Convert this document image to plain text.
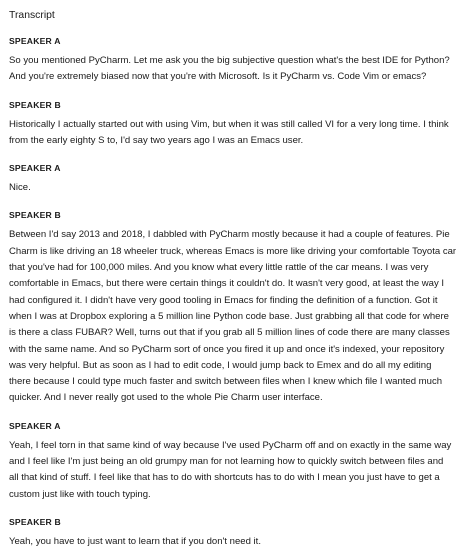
Transcript
SPEAKER A
So you mentioned PyCharm. Let me ask you the big subjective question what's the best IDE for Python?
And you're extremely biased now that you're with Microsoft. Is it PyCharm vs. Code Vim or emacs?
SPEAKER B
Historically I actually started out with using Vim, but when it was still called VI for a very long time. I think
from the early eighty S to, I'd say two years ago I was an Emacs user.
SPEAKER A
Nice.
SPEAKER B
Between I'd say 2013 and 2018, I dabbled with PyCharm mostly because it had a couple of features. Pie
Charm is like driving an 18 wheeler truck, whereas Emacs is more like driving your comfortable Toyota car
that you've had for 100,000 miles. And you know what every little rattle of the car means. I was very
comfortable in Emacs, but there were certain things it couldn't do. It wasn't very good, at least the way I
had configured it. I didn't have very good tooling in Emacs for finding the definition of a function. Got it
when I was at Dropbox exploring a 5 million line Python code base. Just grabbing all that code for where
is there a class FUBAR? Well, turns out that if you grab all 5 million lines of code there are many classes
with the same name. And so PyCharm sort of once you fired it up and once it's indexed, your repository
was very helpful. But as soon as I had to edit code, I would jump back to Emex and do all my editing
there because I could type much faster and switch between files when I knew which file I wanted much
quicker. And I never really got used to the whole Pie Charm user interface.
SPEAKER A
Yeah, I feel torn in that same kind of way because I've used PyCharm off and on exactly in the same way
and I feel like I'm just being an old grumpy man for not learning how to quickly switch between files and
all that kind of stuff. I feel like that has to do with shortcuts has to do with I mean you just have to get a
custom just like with touch typing.
SPEAKER B
Yeah, you have to just want to learn that if you don't need it.
